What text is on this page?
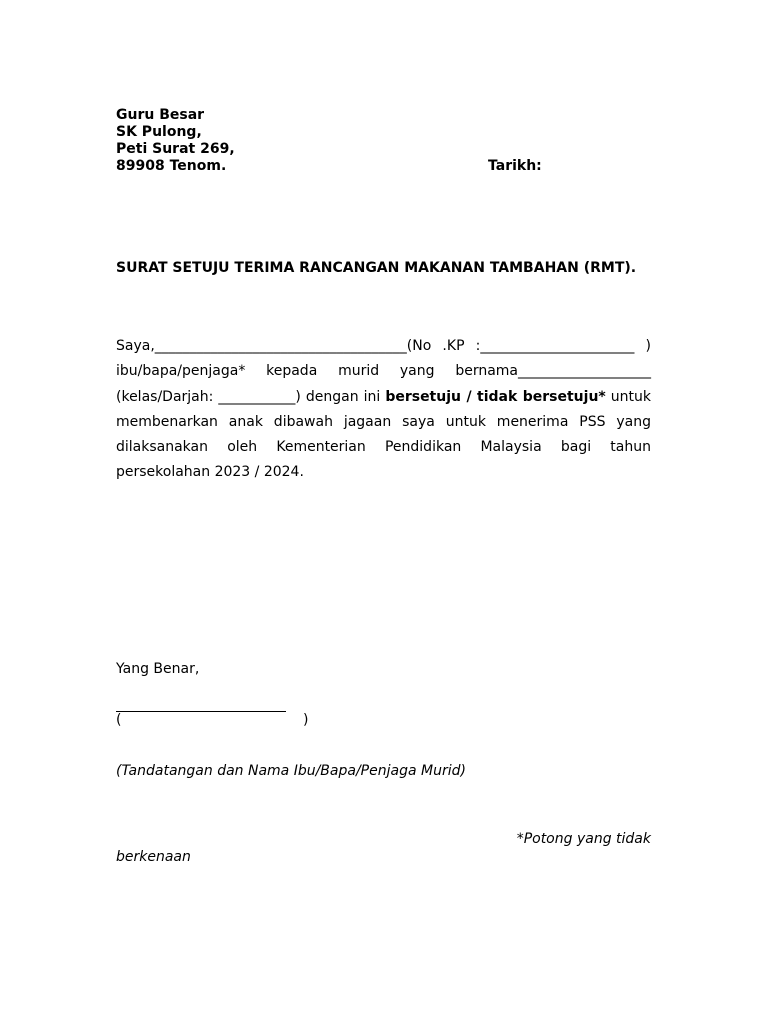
Guru Besar
SK Pulong,
Peti Surat 269,
89908 Tenom.	Tarikh:
SURAT SETUJU TERIMA RANCANGAN MAKANAN TAMBAHAN (RMT).
Saya,____________________________________(No .KP :______________________ ) ibu/bapa/penjaga* kepada murid yang bernama___________________ (kelas/Darjah: ___________) dengan ini bersetuju / tidak bersetuju* untuk membenarkan anak dibawah jagaan saya untuk menerima PSS yang dilaksanakan oleh Kementerian Pendidikan Malaysia bagi tahun persekolahan 2023 / 2024.
Yang Benar,
(	)
(Tandatangan dan Nama Ibu/Bapa/Penjaga Murid)
*Potong yang tidak
berkenaan
